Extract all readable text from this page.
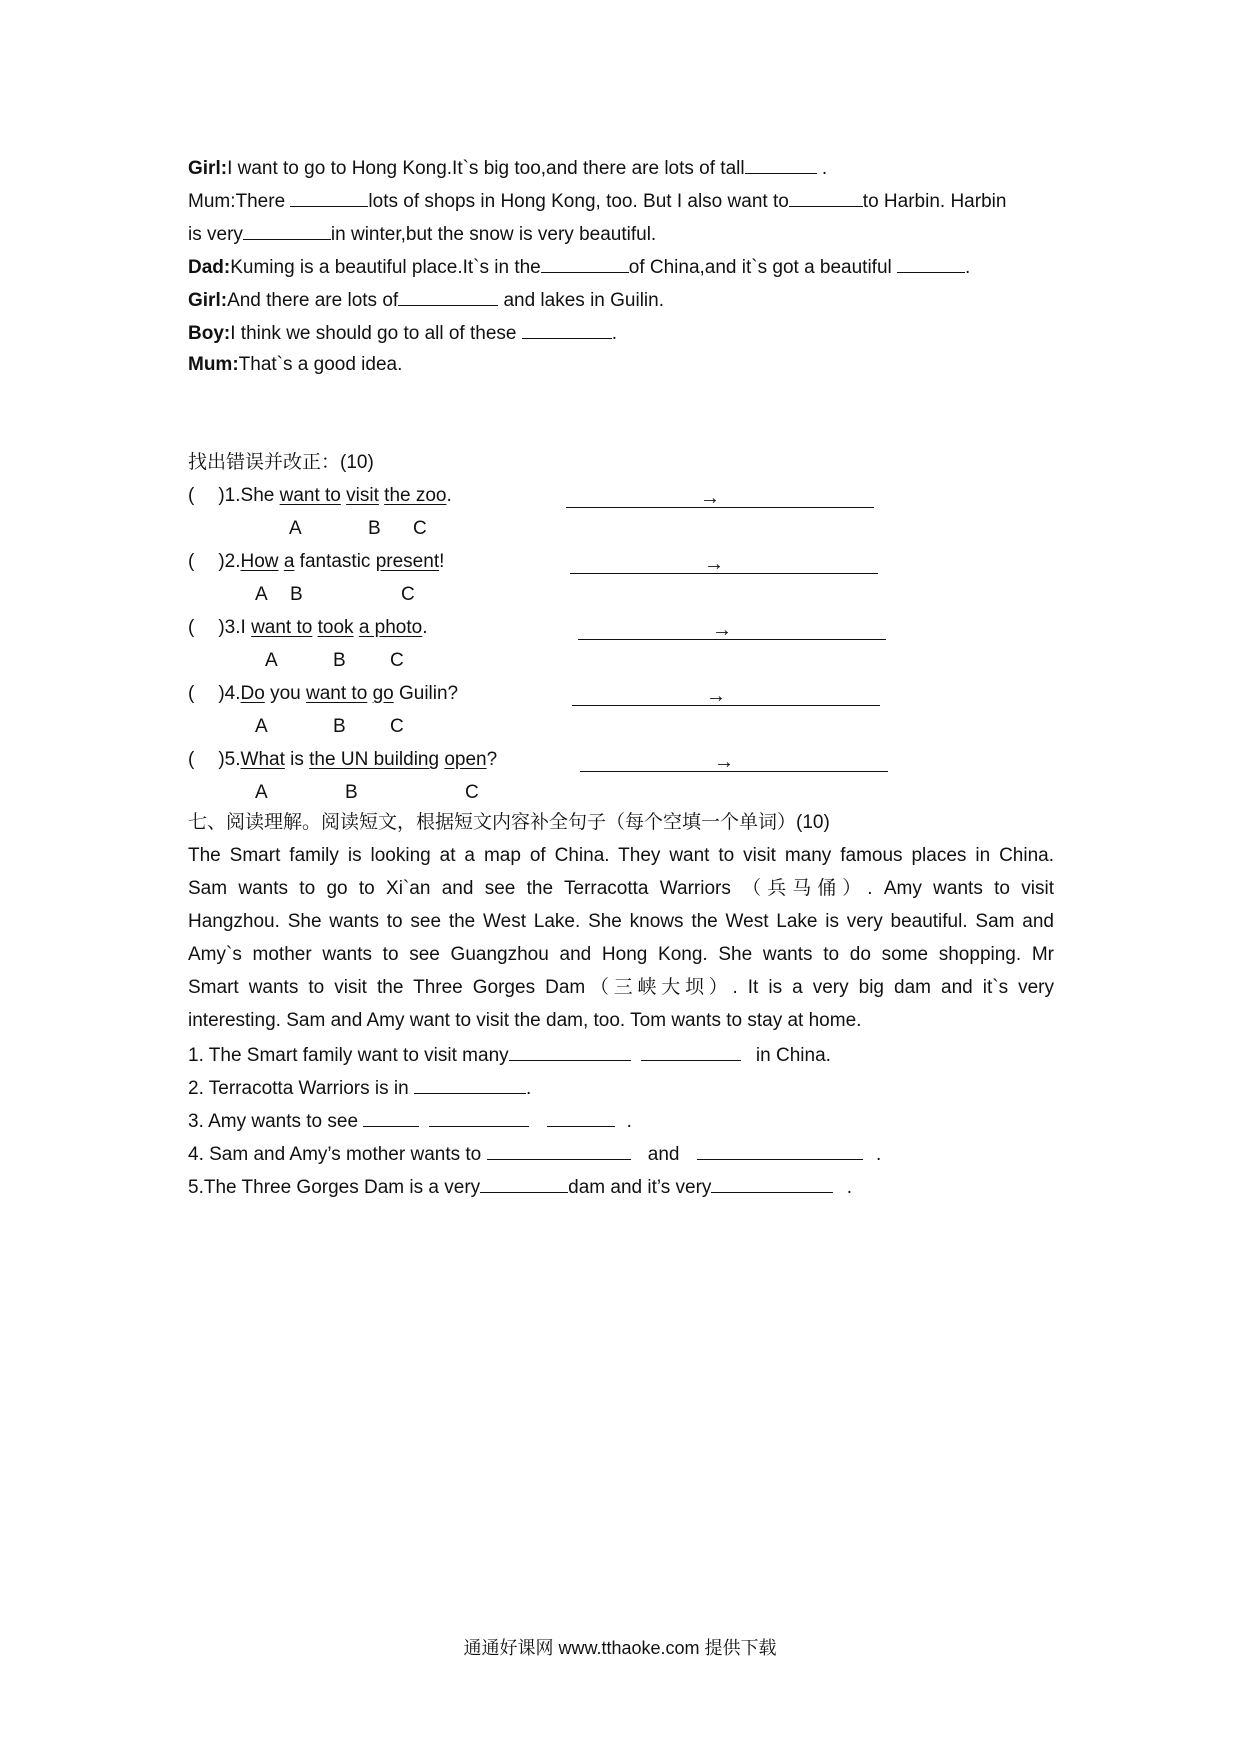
Girl:I want to go to Hong Kong.It`s big too,and there are lots of tall	.
Mum:There	lots of shops in Hong Kong, too. But I also want to	to Harbin. Harbin
is very	in winter,but the snow is very beautiful.
Dad:Kuming is a beautiful place.It`s in the	of China,and it`s got a beautiful	.
Girl:And there are lots of	and lakes in Guilin.
Boy:I think we should go to all of these	.
Mum:That`s a good idea.
找出错误并改正：(10)
( )1.She want to visit the zoo.	→
A	B C
( )2.How a fantastic present!	→
A B	C
( )3.I want to took a photo.	→
A	B C
( )4.Do you want to go Guilin?	→
A	B C
( )5.What is the UN building open?	→
A	B	C
七、阅读理解。阅读短文，根据短文内容补全句子（每个空填一个单词）(10)
The Smart family is looking at a map of China. They want to visit many famous places in China.
Sam wants to go to Xi`an and see the Terracotta Warriors （兵马俑）. Amy wants to visit
Hangzhou. She wants to see the West Lake. She knows the West Lake is very beautiful. Sam and
Amy`s mother wants to see Guangzhou and Hong Kong. She wants to do some shopping. Mr
Smart wants to visit the Three Gorges Dam（三峡大坝）. It is a very big dam and it`s very
interesting. Sam and Amy want to visit the dam, too. Tom wants to stay at home.
1. The Smart family want to visit many	in China.
2. Terracotta Warriors is in	.
3. Amy wants to see	.
4. Sam and Amy’s mother wants to	and	.
5.The Three Gorges Dam is a very	dam and it’s very	.
通通好课网 www.tthaoke.com 提供下载
